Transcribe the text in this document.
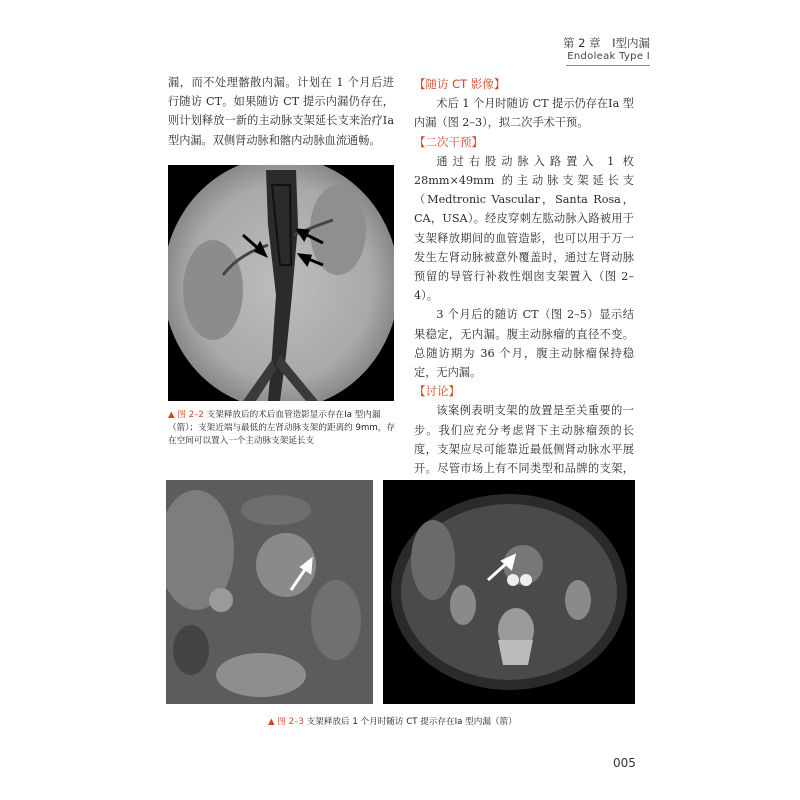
第 2 章　Ⅰ型内漏
Endoleak Type Ⅰ

漏，而不处理髂散内漏。计划在 1 个月后进行随访 CT。如果随访 CT 提示内漏仍存在，则计划释放一新的主动脉支架延长支来治疗Ⅰa 型内漏。双侧肾动脉和髂内动脉血流通畅。

【随访 CT 影像】

术后 1 个月时随访 CT 提示仍存在Ⅰa 型内漏（图 2–3），拟二次手术干预。

【二次干预】

通过右股动脉入路置入 1 枚 28mm×49mm 的主动脉支架延长支（Medtronic Vascular，Santa Rosa，CA，USA）。经皮穿刺左肱动脉入路被用于支架释放期间的血管造影，也可以用于万一发生左肾动脉被意外覆盖时，通过左肾动脉预留的导管行补救性烟囱支架置入（图 2–4）。

3 个月后的随访 CT（图 2–5）显示结果稳定，无内漏。腹主动脉瘤的直径不变。总随访期为 36 个月，腹主动脉瘤保持稳定，无内漏。

【讨论】

该案例表明支架的放置是至关重要的一步。我们应充分考虑肾下主动脉瘤颈的长度，支架应尽可能靠近最低侧肾动脉水平展开。尽管市场上有不同类型和品牌的支架，

▲ 图 2–2 支架释放后的术后血管造影显示存在Ⅰa 型内漏（箭）；支架近端与最低的左肾动脉支架的距离约 9mm，存在空间可以置入一个主动脉支架延长支
▲ 图 2–3 支架释放后 1 个月时随访 CT 提示存在Ⅰa 型内漏（箭）
005
